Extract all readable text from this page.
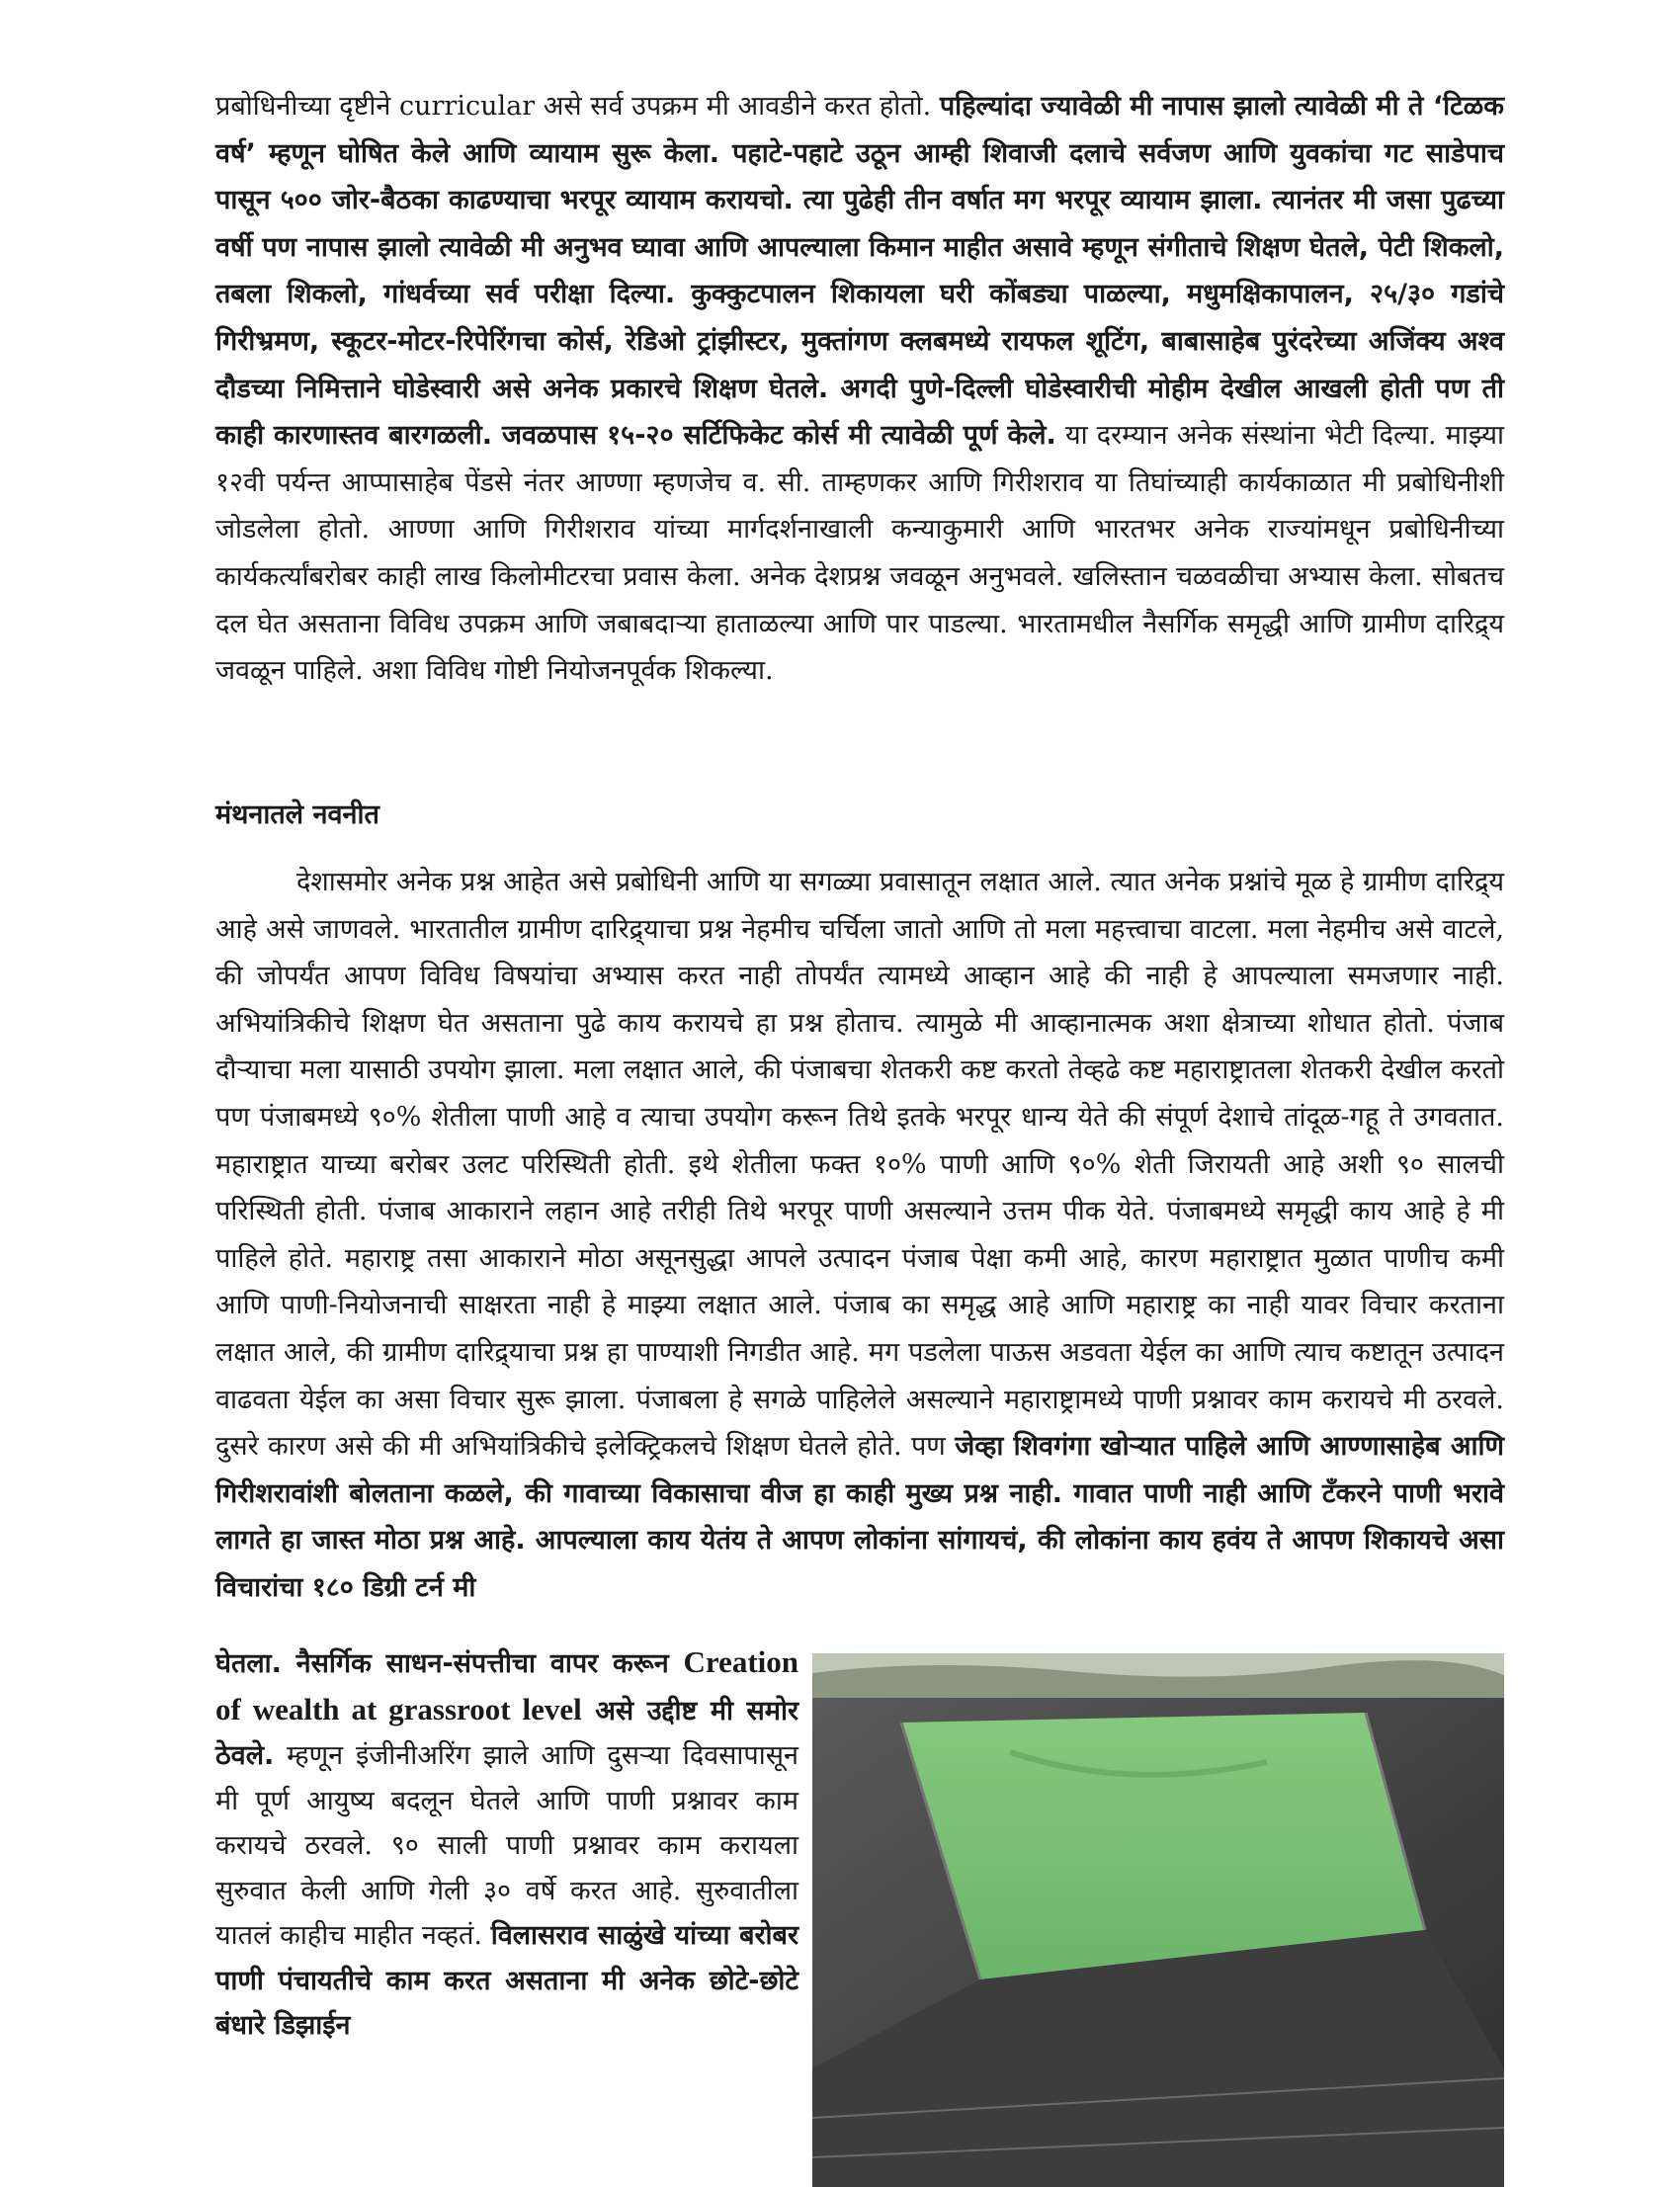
प्रबोधिनीच्या दृष्टीने curricular असे सर्व उपक्रम मी आवडीने करत होतो. पहिल्यांदा ज्यावेळी मी नापास झालो त्यावेळी मी ते ‘टिळक वर्ष’ म्हणून घोषित केले आणि व्यायाम सुरू केला. पहाटे-पहाटे उठून आम्ही शिवाजी दलाचे सर्वजण आणि युवकांचा गट साडेपाच पासून ५०० जोर-बैठका काढण्याचा भरपूर व्यायाम करायचो. त्या पुढेही तीन वर्षात मग भरपूर व्यायाम झाला. त्यानंतर मी जसा पुढच्या वर्षी पण नापास झालो त्यावेळी मी अनुभव घ्यावा आणि आपल्याला किमान माहीत असावे म्हणून संगीताचे शिक्षण घेतले, पेटी शिकलो, तबला शिकलो, गांधर्वच्या सर्व परीक्षा दिल्या. कुक्कुटपालन शिकायला घरी कोंबड्या पाळल्या, मधुमक्षिकापालन, २५/३० गडांचे गिरीभ्रमण, स्कूटर-मोटर-रिपेरिंगचा कोर्स, रेडिओ ट्रांझीस्टर, मुक्तांगण क्लबमध्ये रायफल शूटिंग, बाबासाहेब पुरंदरेच्या अजिंक्य अश्व दौडच्या निमित्ताने घोडेस्वारी असे अनेक प्रकारचे शिक्षण घेतले. अगदी पुणे-दिल्ली घोडेस्वारीची मोहीम देखील आखली होती पण ती काही कारणास्तव बारगळली. जवळपास १५-२० सर्टिफिकेट कोर्स मी त्यावेळी पूर्ण केले. या दरम्यान अनेक संस्थांना भेटी दिल्या. माझ्या १२वी पर्यन्त आप्पासाहेब पेंडसे नंतर आण्णा म्हणजेच व. सी. ताम्हणकर आणि गिरीशराव या तिघांच्याही कार्यकाळात मी प्रबोधिनीशी जोडलेला होतो. आण्णा आणि गिरीशराव यांच्या मार्गदर्शनाखाली कन्याकुमारी आणि भारतभर अनेक राज्यांमधून प्रबोधिनीच्या कार्यकर्त्यांबरोबर काही लाख किलोमीटरचा प्रवास केला. अनेक देशप्रश्न जवळून अनुभवले. खलिस्तान चळवळीचा अभ्यास केला. सोबतच दल घेत असताना विविध उपक्रम आणि जबाबदाऱ्या हाताळल्या आणि पार पाडल्या. भारतामधील नैसर्गिक समृद्धी आणि ग्रामीण दारिद्र्य जवळून पाहिले. अशा विविध गोष्टी नियोजनपूर्वक शिकल्या.

मंथनातले नवनीत

देशासमोर अनेक प्रश्न आहेत असे प्रबोधिनी आणि या सगळ्या प्रवासातून लक्षात आले. त्यात अनेक प्रश्नांचे मूळ हे ग्रामीण दारिद्र्य आहे असे जाणवले. भारतातील ग्रामीण दारिद्र्याचा प्रश्न नेहमीच चर्चिला जातो आणि तो मला महत्त्वाचा वाटला. मला नेहमीच असे वाटले, की जोपर्यंत आपण विविध विषयांचा अभ्यास करत नाही तोपर्यंत त्यामध्ये आव्हान आहे की नाही हे आपल्याला समजणार नाही. अभियांत्रिकीचे शिक्षण घेत असताना पुढे काय करायचे हा प्रश्न होताच. त्यामुळे मी आव्हानात्मक अशा क्षेत्राच्या शोधात होतो. पंजाब दौऱ्याचा मला यासाठी उपयोग झाला. मला लक्षात आले, की पंजाबचा शेतकरी कष्ट करतो तेव्हढे कष्ट महाराष्ट्रातला शेतकरी देखील करतो पण पंजाबमध्ये ९०% शेतीला पाणी आहे व त्याचा उपयोग करून तिथे इतके भरपूर धान्य येते की संपूर्ण देशाचे तांदूळ-गहू ते उगवतात. महाराष्ट्रात याच्या बरोबर उलट परिस्थिती होती. इथे शेतीला फक्त १०% पाणी आणि ९०% शेती जिरायती आहे अशी ९० सालची परिस्थिती होती. पंजाब आकाराने लहान आहे तरीही तिथे भरपूर पाणी असल्याने उत्तम पीक येते. पंजाबमध्ये समृद्धी काय आहे हे मी पाहिले होते. महाराष्ट्र तसा आकाराने मोठा असूनसुद्धा आपले उत्पादन पंजाब पेक्षा कमी आहे, कारण महाराष्ट्रात मुळात पाणीच कमी आणि पाणी-नियोजनाची साक्षरता नाही हे माझ्या लक्षात आले. पंजाब का समृद्ध आहे आणि महाराष्ट्र का नाही यावर विचार करताना लक्षात आले, की ग्रामीण दारिद्र्याचा प्रश्न हा पाण्याशी निगडीत आहे. मग पडलेला पाऊस अडवता येईल का आणि त्याच कष्टातून उत्पादन वाढवता येईल का असा विचार सुरू झाला. पंजाबला हे सगळे पाहिलेले असल्याने महाराष्ट्रामध्ये पाणी प्रश्नावर काम करायचे मी ठरवले. दुसरे कारण असे की मी अभियांत्रिकीचे इलेक्ट्रिकलचे शिक्षण घेतले होते. पण जेव्हा शिवगंगा खोऱ्यात पाहिले आणि आण्णासाहेब आणि गिरीशरावांशी बोलताना कळले, की गावाच्या विकासाचा वीज हा काही मुख्य प्रश्न नाही. गावात पाणी नाही आणि टँकरने पाणी भरावे लागते हा जास्त मोठा प्रश्न आहे. आपल्याला काय येतंय ते आपण लोकांना सांगायचं, की लोकांना काय हवंय ते आपण शिकायचे असा विचारांचा १८० डिग्री टर्न मी

घेतला. नैसर्गिक साधन-संपत्तीचा वापर करून Creation of wealth at grassroot level असे उद्दीष्ट मी समोर ठेवले. म्हणून इंजीनीअरिंग झाले आणि दुसऱ्या दिवसापासून मी पूर्ण आयुष्य बदलून घेतले आणि पाणी प्रश्नावर काम करायचे ठरवले. ९० साली पाणी प्रश्नावर काम करायला सुरुवात केली आणि गेली ३० वर्षे करत आहे. सुरुवातीला यातलं काहीच माहीत नव्हतं. विलासराव साळुंखे यांच्या बरोबर पाणी पंचायतीचे काम करत असताना मी अनेक छोटे-छोटे बंधारे डिझाईन
